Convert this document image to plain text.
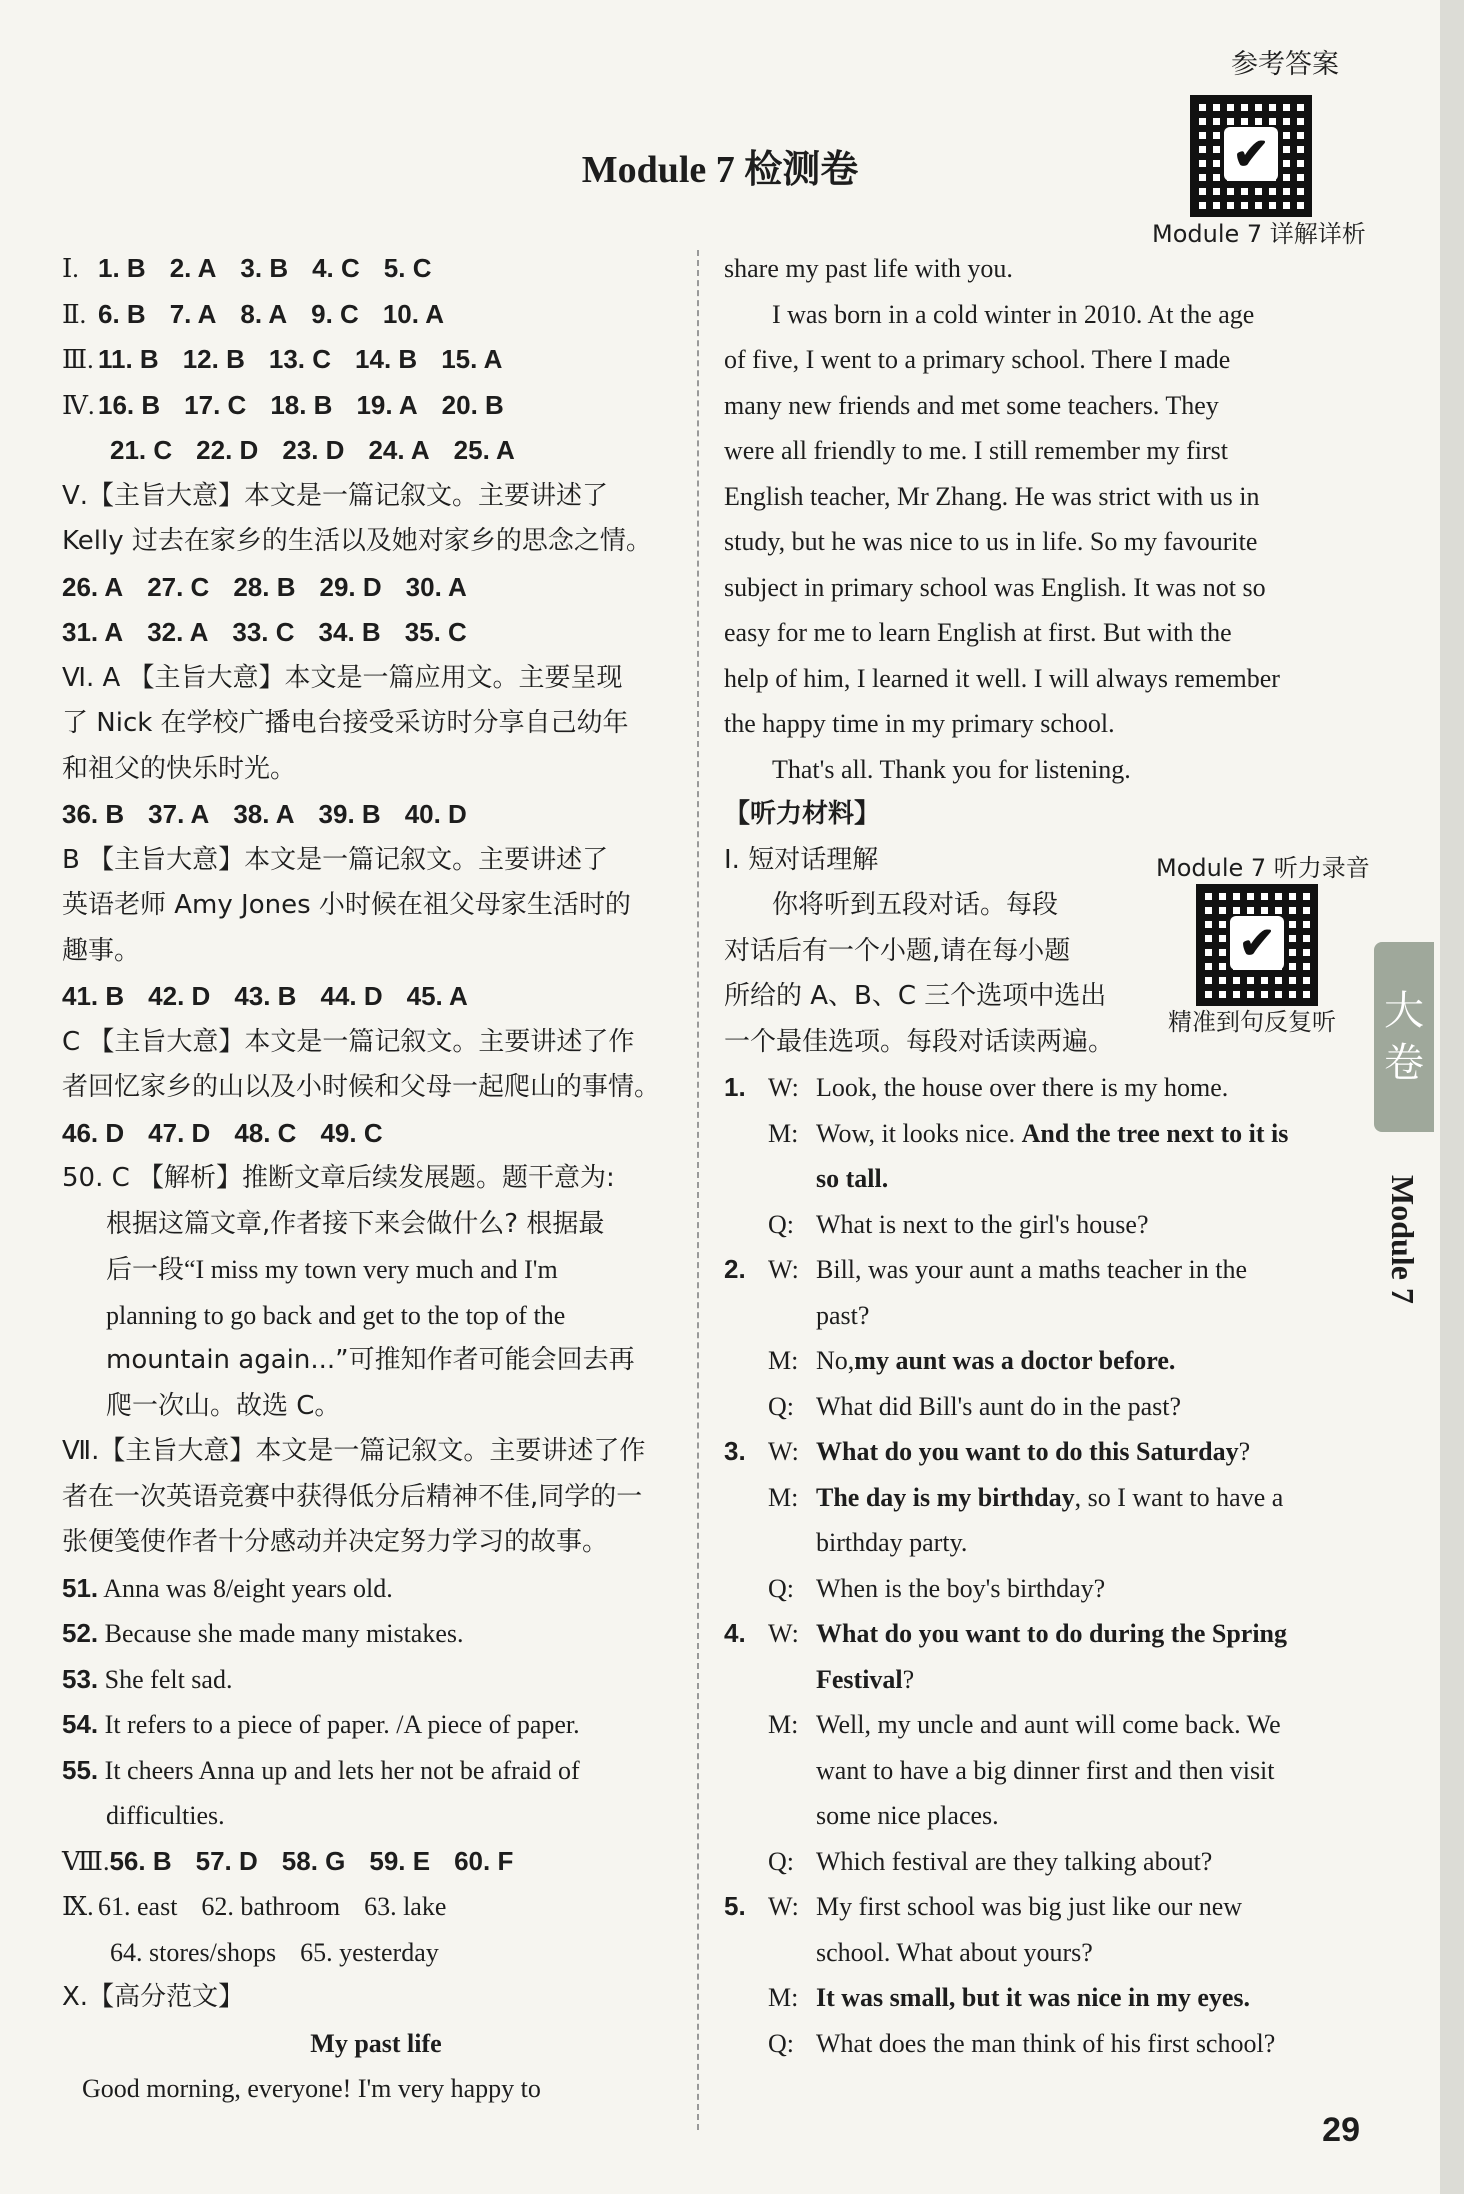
参考答案
Module 7 检测卷	✔
Module 7 详解详析
Ⅰ. 1. B 2. A 3. B 4. C 5. C
Ⅱ. 6. B 7. A 8. A 9. C 10. A
Ⅲ. 11. B 12. B 13. C 14. B 15. A
Ⅳ. 16. B 17. C 18. B 19. A 20. B
21. C 22. D 23. D 24. A 25. A
Ⅴ.【主旨大意】本文是一篇记叙文。主要讲述了
Kelly 过去在家乡的生活以及她对家乡的思念之情。
26. A 27. C 28. B 29. D 30. A
31. A 32. A 33. C 34. B 35. C
Ⅵ. A 【主旨大意】本文是一篇应用文。主要呈现
了 Nick 在学校广播电台接受采访时分享自己幼年
和祖父的快乐时光。
36. B 37. A 38. A 39. B 40. D
B 【主旨大意】本文是一篇记叙文。主要讲述了
英语老师 Amy Jones 小时候在祖父母家生活时的
趣事。
41. B 42. D 43. B 44. D 45. A
C 【主旨大意】本文是一篇记叙文。主要讲述了作
者回忆家乡的山以及小时候和父母一起爬山的事情。
46. D 47. D 48. C 49. C
50. C 【解析】推断文章后续发展题。题干意为:
根据这篇文章,作者接下来会做什么? 根据最
后一段“I miss my town very much and I'm
planning to go back and get to the top of the
mountain again...”可推知作者可能会回去再
爬一次山。故选 C。
Ⅶ.【主旨大意】本文是一篇记叙文。主要讲述了作
者在一次英语竞赛中获得低分后精神不佳,同学的一
张便笺使作者十分感动并决定努力学习的故事。
51. Anna was 8/eight years old.
52. Because she made many mistakes.
53. She felt sad.
54. It refers to a piece of paper. /A piece of paper.
55. It cheers Anna up and lets her not be afraid of
difficulties.
Ⅷ.56. B 57. D 58. G 59. E 60. F
Ⅸ. 61. east 62. bathroom 63. lake
64. stores/shops 65. yesterday
Ⅹ.【高分范文】
My past life
Good morning, everyone! I'm very happy to
share my past life with you.
I was born in a cold winter in 2010. At the age
of five, I went to a primary school. There I made
many new friends and met some teachers. They
were all friendly to me. I still remember my first
English teacher, Mr Zhang. He was strict with us in
study, but he was nice to us in life. So my favourite
subject in primary school was English. It was not so
easy for me to learn English at first. But with the
help of him, I learned it well. I will always remember
the happy time in my primary school.
That's all. Thank you for listening.
【听力材料】
Ⅰ. 短对话理解
你将听到五段对话。每段
对话后有一个小题,请在每小题
所给的 A、B、C 三个选项中选出
一个最佳选项。每段对话读两遍。
1. W: Look, the house over there is my home.
M: Wow, it looks nice. And the tree next to it is
so tall.
Q: What is next to the girl's house?
2. W: Bill, was your aunt a maths teacher in the
past?
M: No,my aunt was a doctor before.
Q: What did Bill's aunt do in the past?
3. W: What do you want to do this Saturday?
M: The day is my birthday, so I want to have a
birthday party.
Q: When is the boy's birthday?
4. W: What do you want to do during the Spring
Festival?
M: Well, my uncle and aunt will come back. We
want to have a big dinner first and then visit
some nice places.
Q: Which festival are they talking about?
5. W: My first school was big just like our new
school. What about yours?
M: It was small, but it was nice in my eyes.
Q: What does the man think of his first school?
Module 7 听力录音
✔
精准到句反复听 大
卷
Module 7
29
